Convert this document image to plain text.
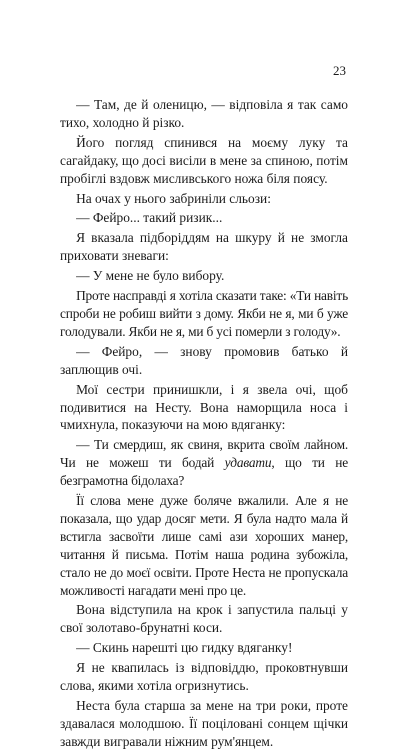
23

— Там, де й оленицю, — відповіла я так само тихо, холодно й різко.

Його погляд спинився на моєму луку та сагайдаку, що досі висіли в мене за спиною, потім пробіглі вздовж мисливського ножа біля поясу.

На очах у нього забриніли сльози:

— Фейро... такий ризик...

Я вказала підборіддям на шкуру й не змогла приховати зневаги:

— У мене не було вибору.

Проте насправді я хотіла сказати таке: «Ти навіть спроби не робиш вийти з дому. Якби не я, ми б уже голодували. Якби не я, ми б усі померли з голоду».

— Фейро, — знову промовив батько й заплющив очі.

Мої сестри принишкли, і я звела очі, щоб подивитися на Несту. Вона наморщила носа і чмихнула, показуючи на мою вдяганку:

— Ти смердиш, як свиня, вкрита своїм лайном. Чи не можеш ти бодай удавати, що ти не безграмотна бідолаха?

Її слова мене дуже боляче вжалили. Але я не показала, що удар досяг мети. Я була надто мала й встигла засвоїти лише самі ази хороших манер, читання й письма. Потім наша родина зубожіла, стало не до моєї освіти. Проте Неста не пропускала можливості нагадати мені про це.

Вона відступила на крок і запустила пальці у свої золотаво-брунатні коси.

— Скинь нарешті цю гидку вдяганку!

Я не квапилась із відповіддю, проковтнувши слова, якими хотіла огризнутись.

Неста була старша за мене на три роки, проте здавалася молодшою. Її поціловані сонцем щічки завжди вигравали ніжним рум'янцем.
